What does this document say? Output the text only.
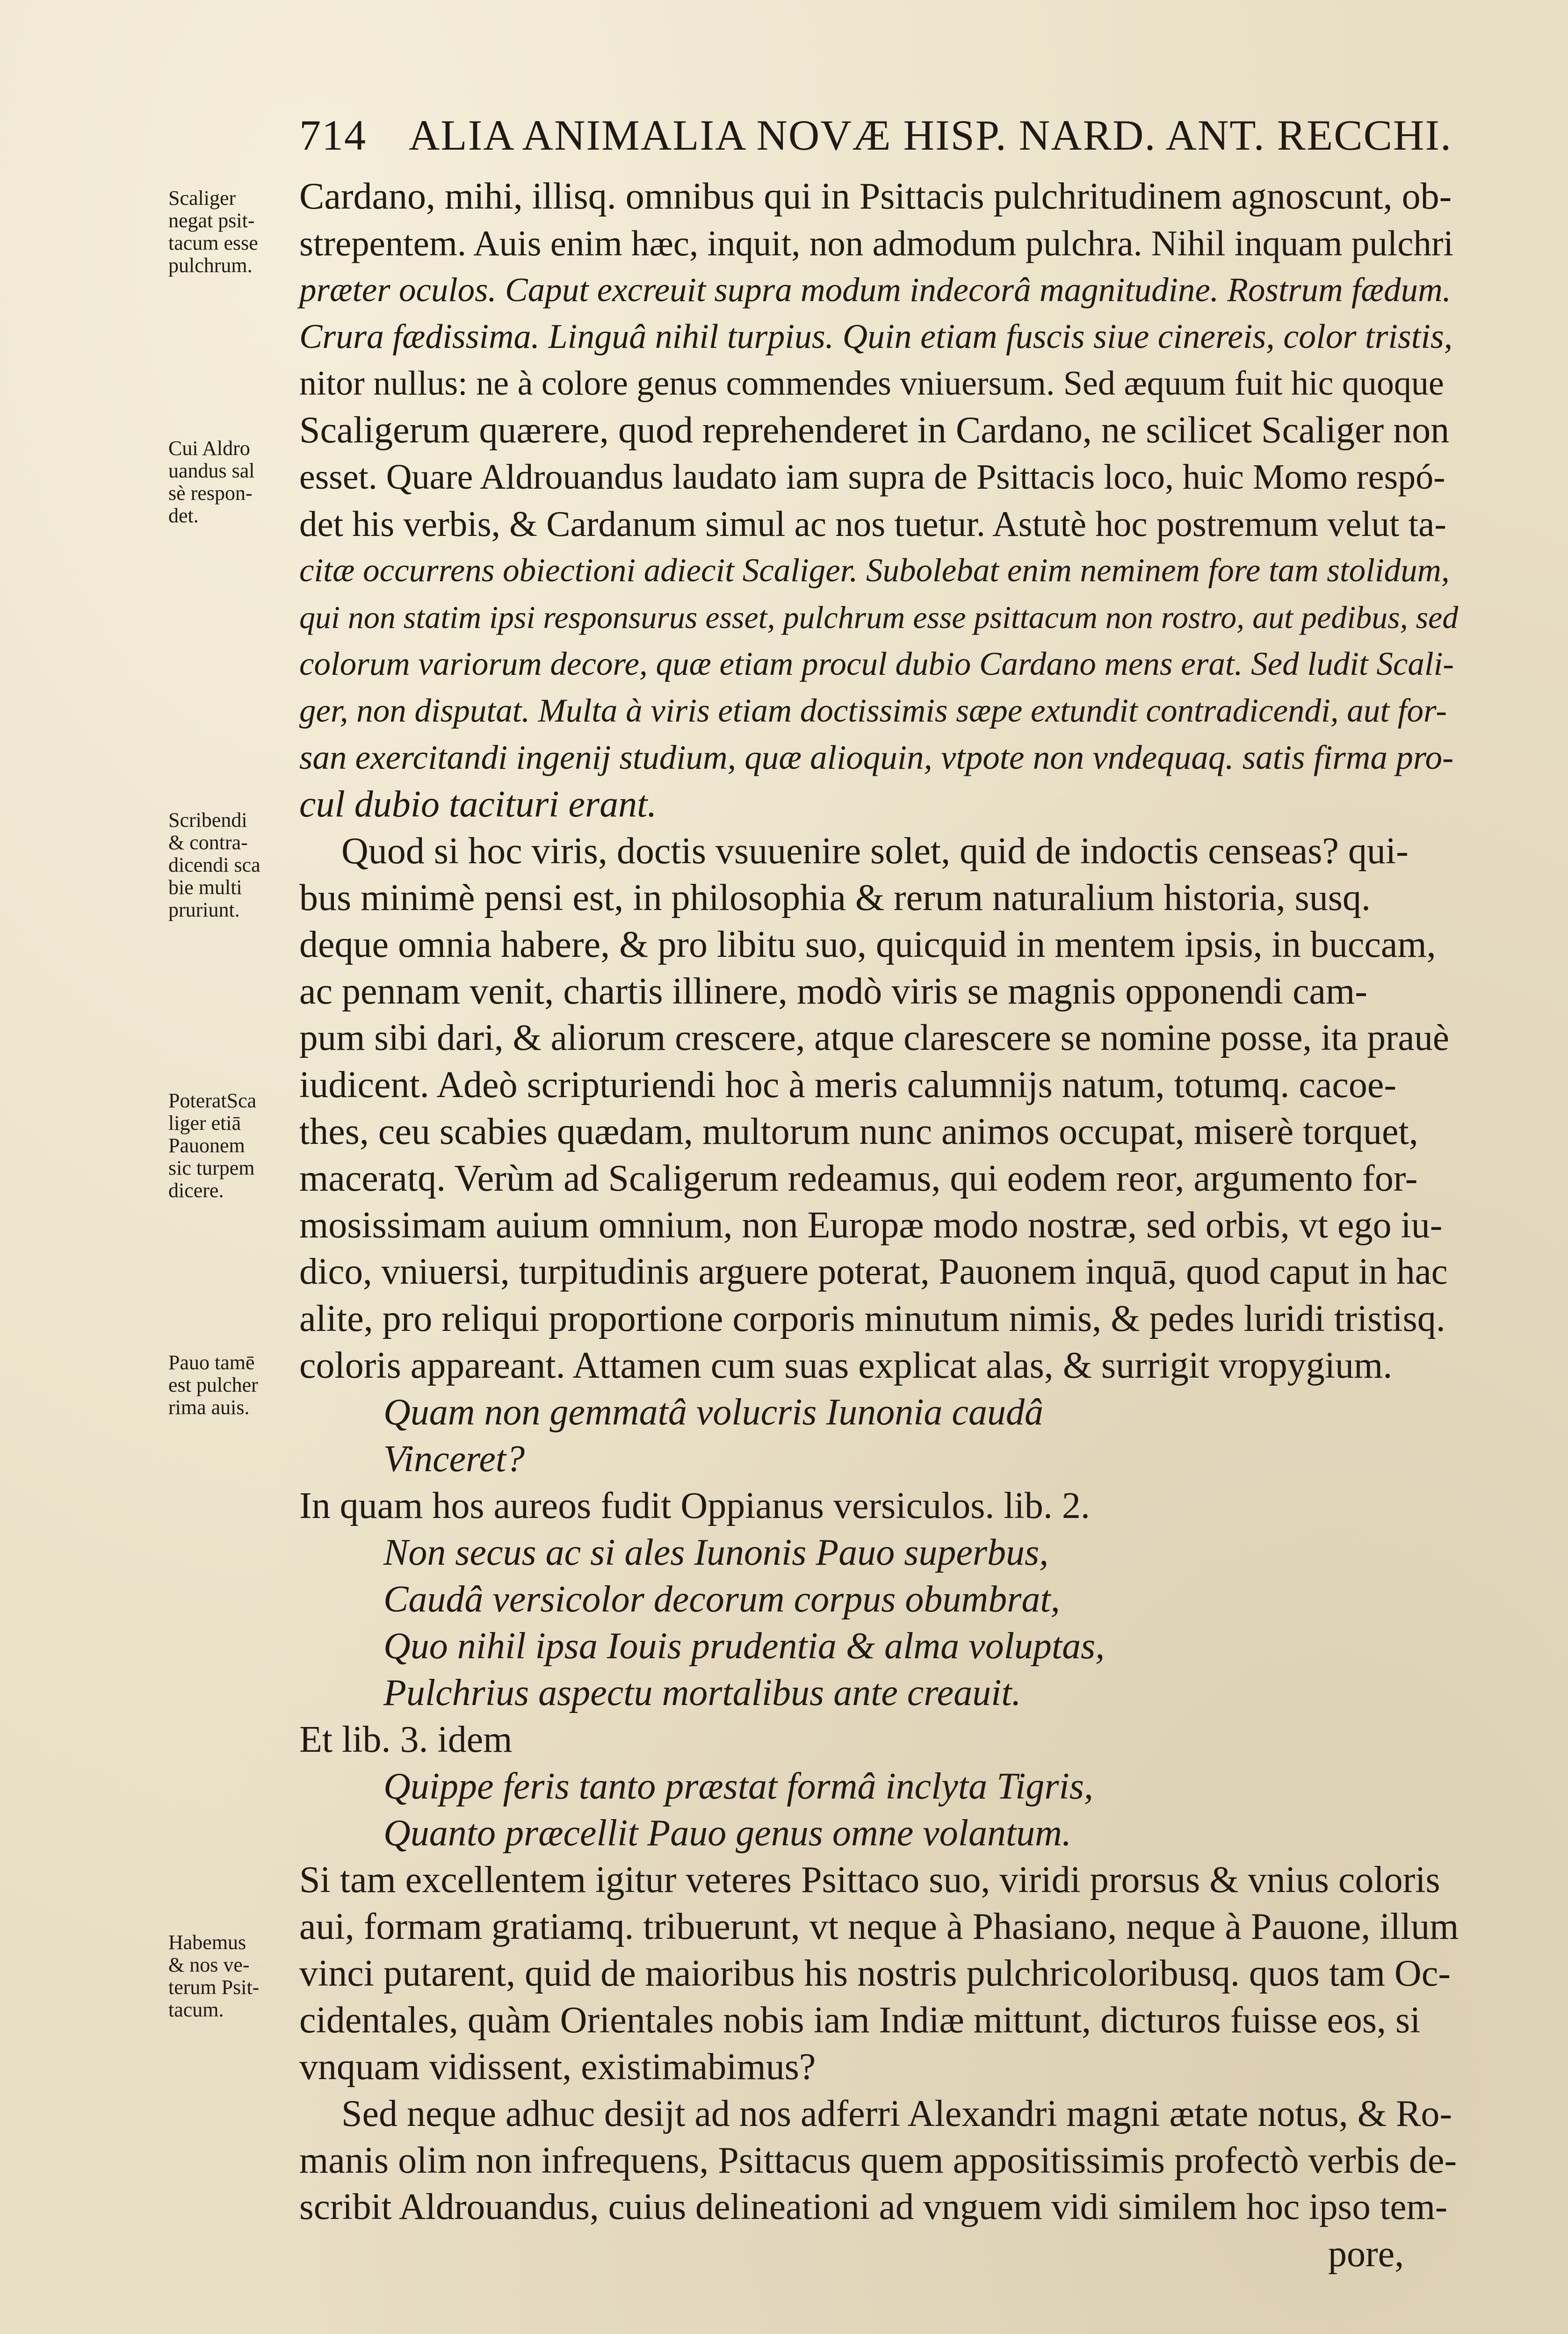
714 ALIA ANIMALIA NOVÆ HISP. NARD. ANT. RECCHI.
Scaliger
negat psit-
tacum esse
pulchrum.
Cui Aldro
uandus sal
sè respon-
det.
Scribendi
& contra-
dicendi sca
bie multi
pruriunt.
PoteratSca
liger etiā
Pauonem
sic turpem
dicere.
Pauo tamē
est pulcher
rima auis.
Habemus
& nos ve-
terum Psit-
tacum.
Cardano, mihi, illisq. omnibus qui in Psittacis pulchritudinem agnoscunt, ob-
strepentem. Auis enim hæc, inquit, non admodum pulchra. Nihil inquam pulchri
præter oculos. Caput excreuit supra modum indecorâ magnitudine. Rostrum fædum.
Crura fædissima. Linguâ nihil turpius. Quin etiam fuscis siue cinereis, color tristis,
nitor nullus: ne à colore genus commendes vniuersum. Sed æquum fuit hic quoque
Scaligerum quærere, quod reprehenderet in Cardano, ne scilicet Scaliger non
esset. Quare Aldrouandus laudato iam supra de Psittacis loco, huic Momo respó-
det his verbis, & Cardanum simul ac nos tuetur. Astutè hoc postremum velut ta-
citæ occurrens obiectioni adiecit Scaliger. Subolebat enim neminem fore tam stolidum,
qui non statim ipsi responsurus esset, pulchrum esse psittacum non rostro, aut pedibus, sed
colorum variorum decore, quæ etiam procul dubio Cardano mens erat. Sed ludit Scali-
ger, non disputat. Multa à viris etiam doctissimis sæpe extundit contradicendi, aut for-
san exercitandi ingenij studium, quæ alioquin, vtpote non vndequaq. satis firma pro-
cul dubio tacituri erant.
Quod si hoc viris, doctis vsuuenire solet, quid de indoctis censeas? qui-
bus minimè pensi est, in philosophia & rerum naturalium historia, susq.
deque omnia habere, & pro libitu suo, quicquid in mentem ipsis, in buccam,
ac pennam venit, chartis illinere, modò viris se magnis opponendi cam-
pum sibi dari, & aliorum crescere, atque clarescere se nomine posse, ita prauè
iudicent. Adeò scripturiendi hoc à meris calumnijs natum, totumq. cacoe-
thes, ceu scabies quædam, multorum nunc animos occupat, miserè torquet,
maceratq. Verùm ad Scaligerum redeamus, qui eodem reor, argumento for-
mosissimam auium omnium, non Europæ modo nostræ, sed orbis, vt ego iu-
dico, vniuersi, turpitudinis arguere poterat, Pauonem inquā, quod caput in hac
alite, pro reliqui proportione corporis minutum nimis, & pedes luridi tristisq.
coloris appareant. Attamen cum suas explicat alas, & surrigit vropygium.
Quam non gemmatâ volucris Iunonia caudâ
Vinceret?
In quam hos aureos fudit Oppianus versiculos. lib. 2.
Non secus ac si ales Iunonis Pauo superbus,
Caudâ versicolor decorum corpus obumbrat,
Quo nihil ipsa Iouis prudentia & alma voluptas,
Pulchrius aspectu mortalibus ante creauit.
Et lib. 3. idem
Quippe feris tanto præstat formâ inclyta Tigris,
Quanto præcellit Pauo genus omne volantum.
Si tam excellentem igitur veteres Psittaco suo, viridi prorsus & vnius coloris
aui, formam gratiamq. tribuerunt, vt neque à Phasiano, neque à Pauone, illum
vinci putarent, quid de maioribus his nostris pulchricoloribusq. quos tam Oc-
cidentales, quàm Orientales nobis iam Indiæ mittunt, dicturos fuisse eos, si
vnquam vidissent, existimabimus?
Sed neque adhuc desijt ad nos adferri Alexandri magni ætate notus, & Ro-
manis olim non infrequens, Psittacus quem appositissimis profectò verbis de-
scribit Aldrouandus, cuius delineationi ad vnguem vidi similem hoc ipso tem-
pore,
